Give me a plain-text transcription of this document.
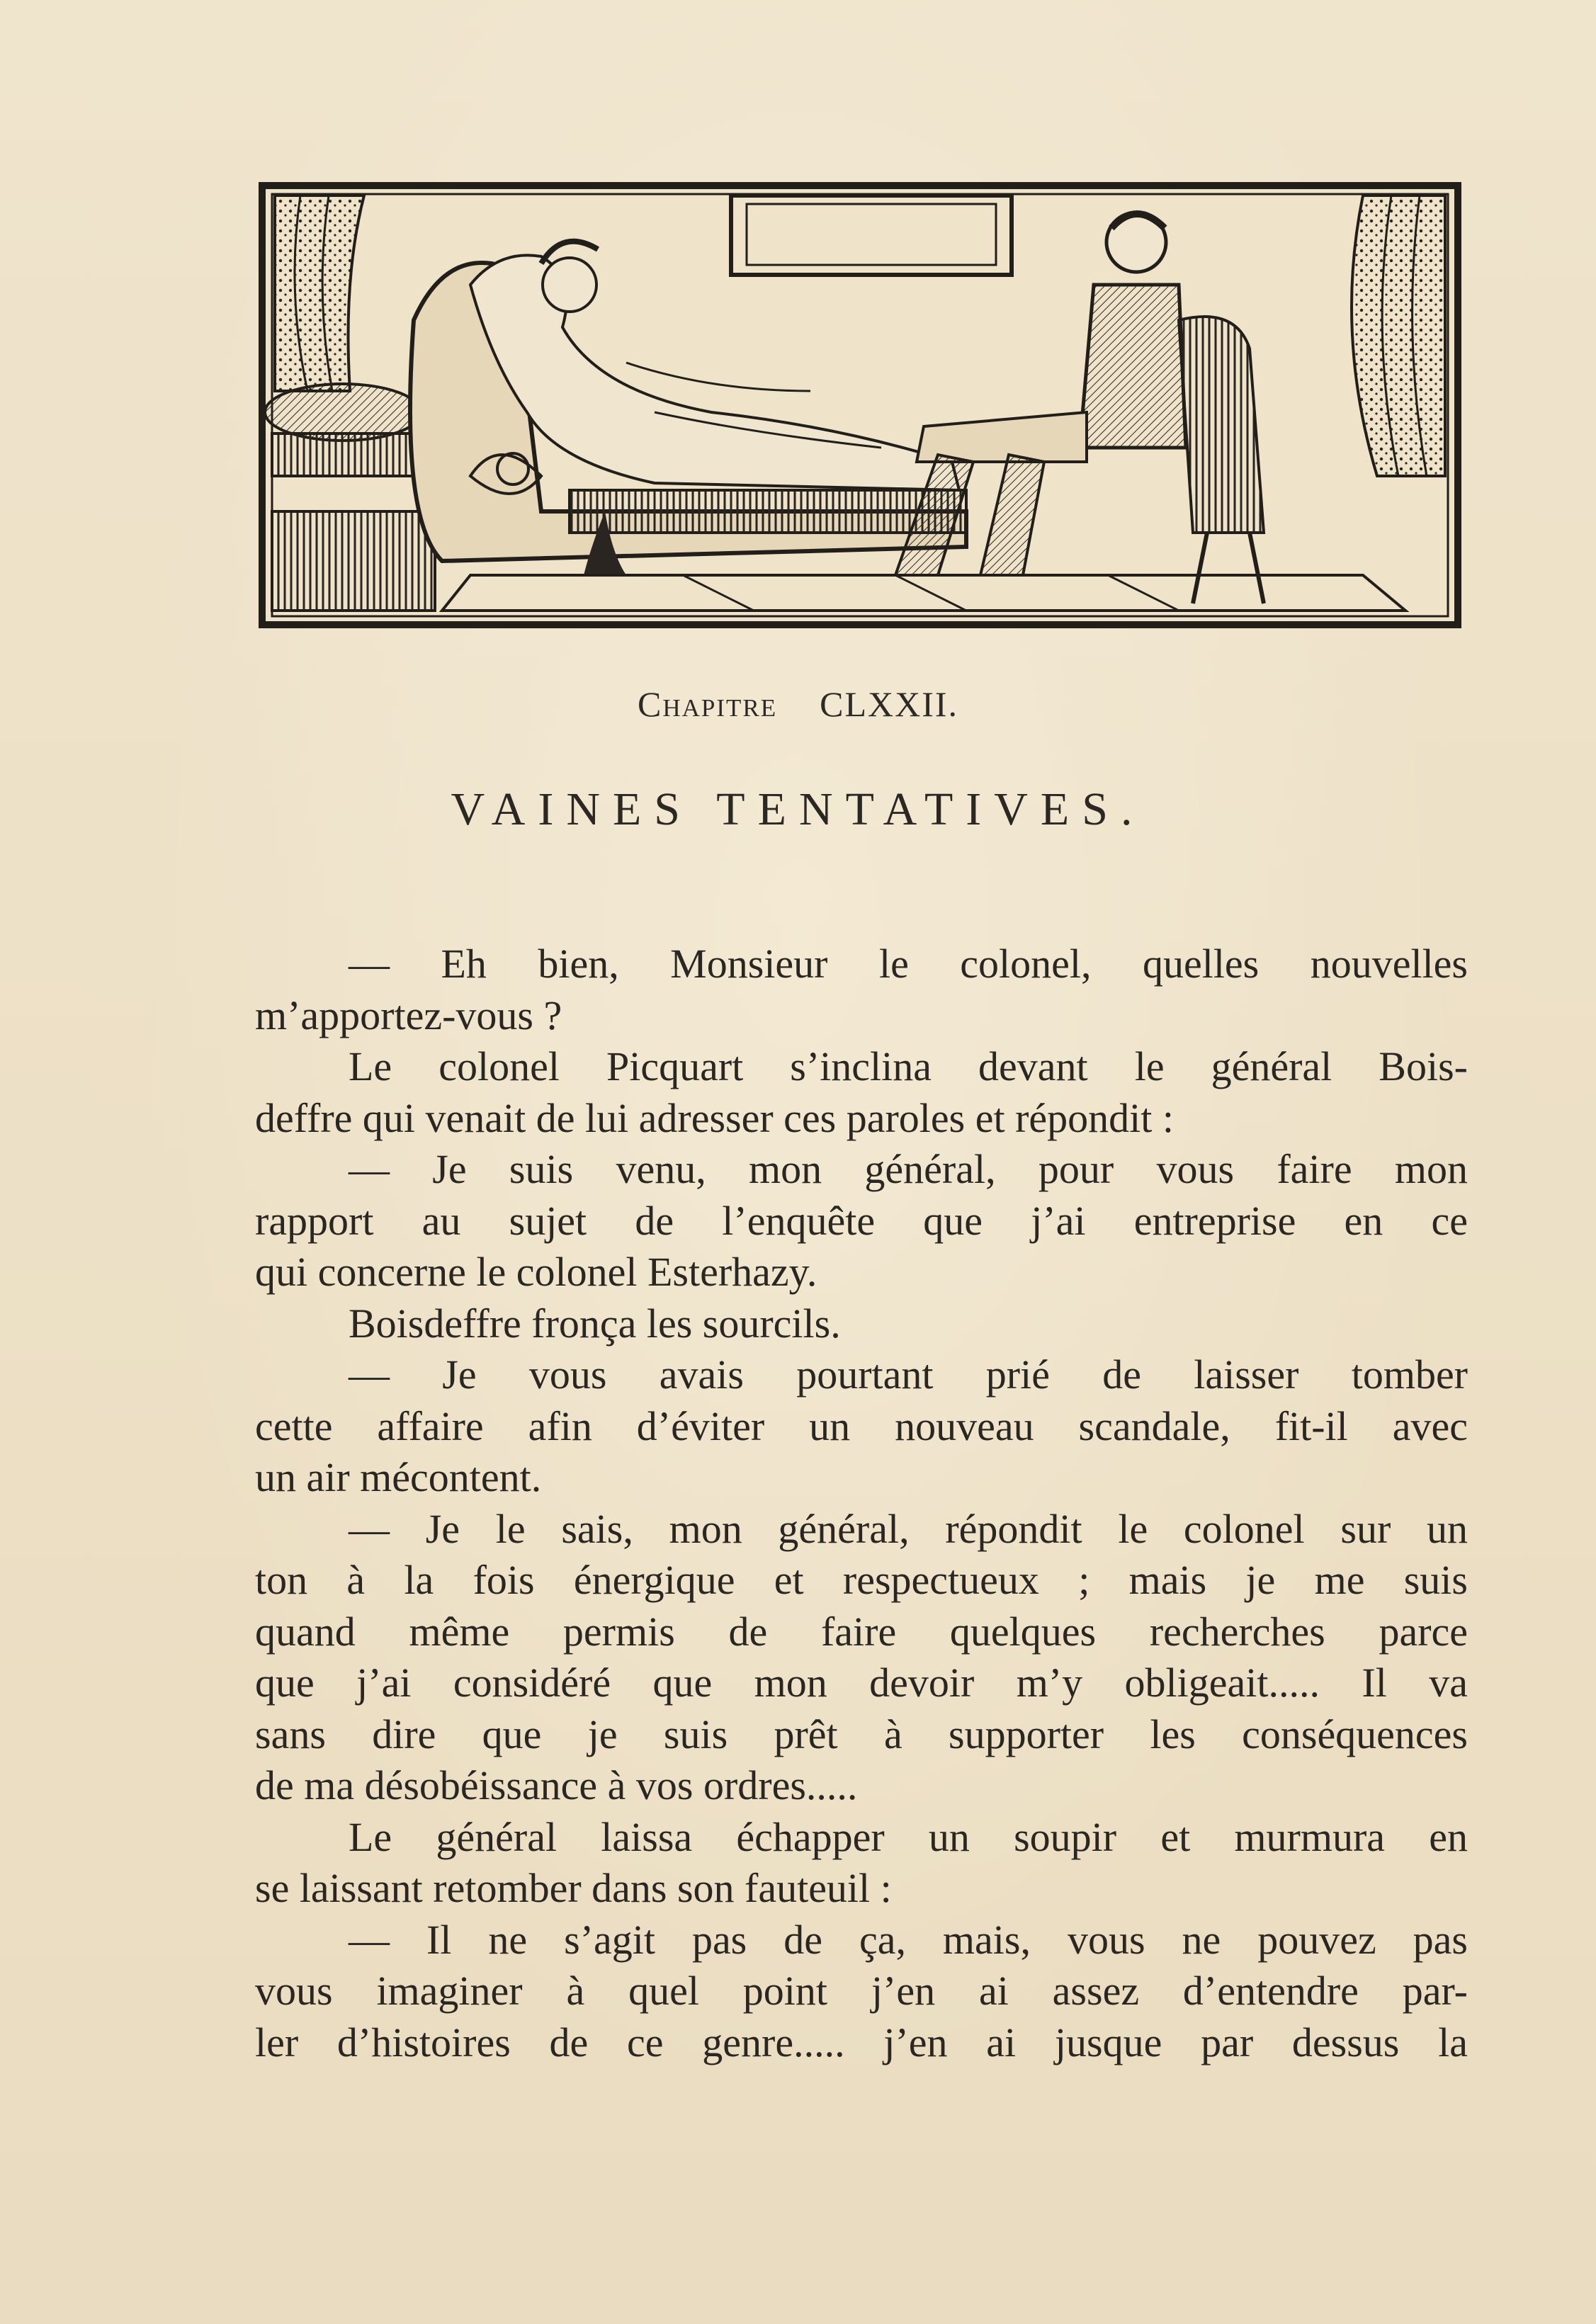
Chapitre CLXXII.
VAINES TENTATIVES.
— Eh bien, Monsieur le colonel, quelles nouvelles
m’apportez-vous ?
Le colonel Picquart s’inclina devant le général Bois-
deffre qui venait de lui adresser ces paroles et répondit :
— Je suis venu, mon général, pour vous faire mon
rapport au sujet de l’enquête que j’ai entreprise en ce
qui concerne le colonel Esterhazy.
Boisdeffre fronça les sourcils.
— Je vous avais pourtant prié de laisser tomber
cette affaire afin d’éviter un nouveau scandale, fit-il avec
un air mécontent.
— Je le sais, mon général, répondit le colonel sur un
ton à la fois énergique et respectueux ; mais je me suis
quand même permis de faire quelques recherches parce
que j’ai considéré que mon devoir m’y obligeait..... Il va
sans dire que je suis prêt à supporter les conséquences
de ma désobéissance à vos ordres.....
Le général laissa échapper un soupir et murmura en
se laissant retomber dans son fauteuil :
— Il ne s’agit pas de ça, mais, vous ne pouvez pas
vous imaginer à quel point j’en ai assez d’entendre par-
ler d’histoires de ce genre..... j’en ai jusque par dessus la
